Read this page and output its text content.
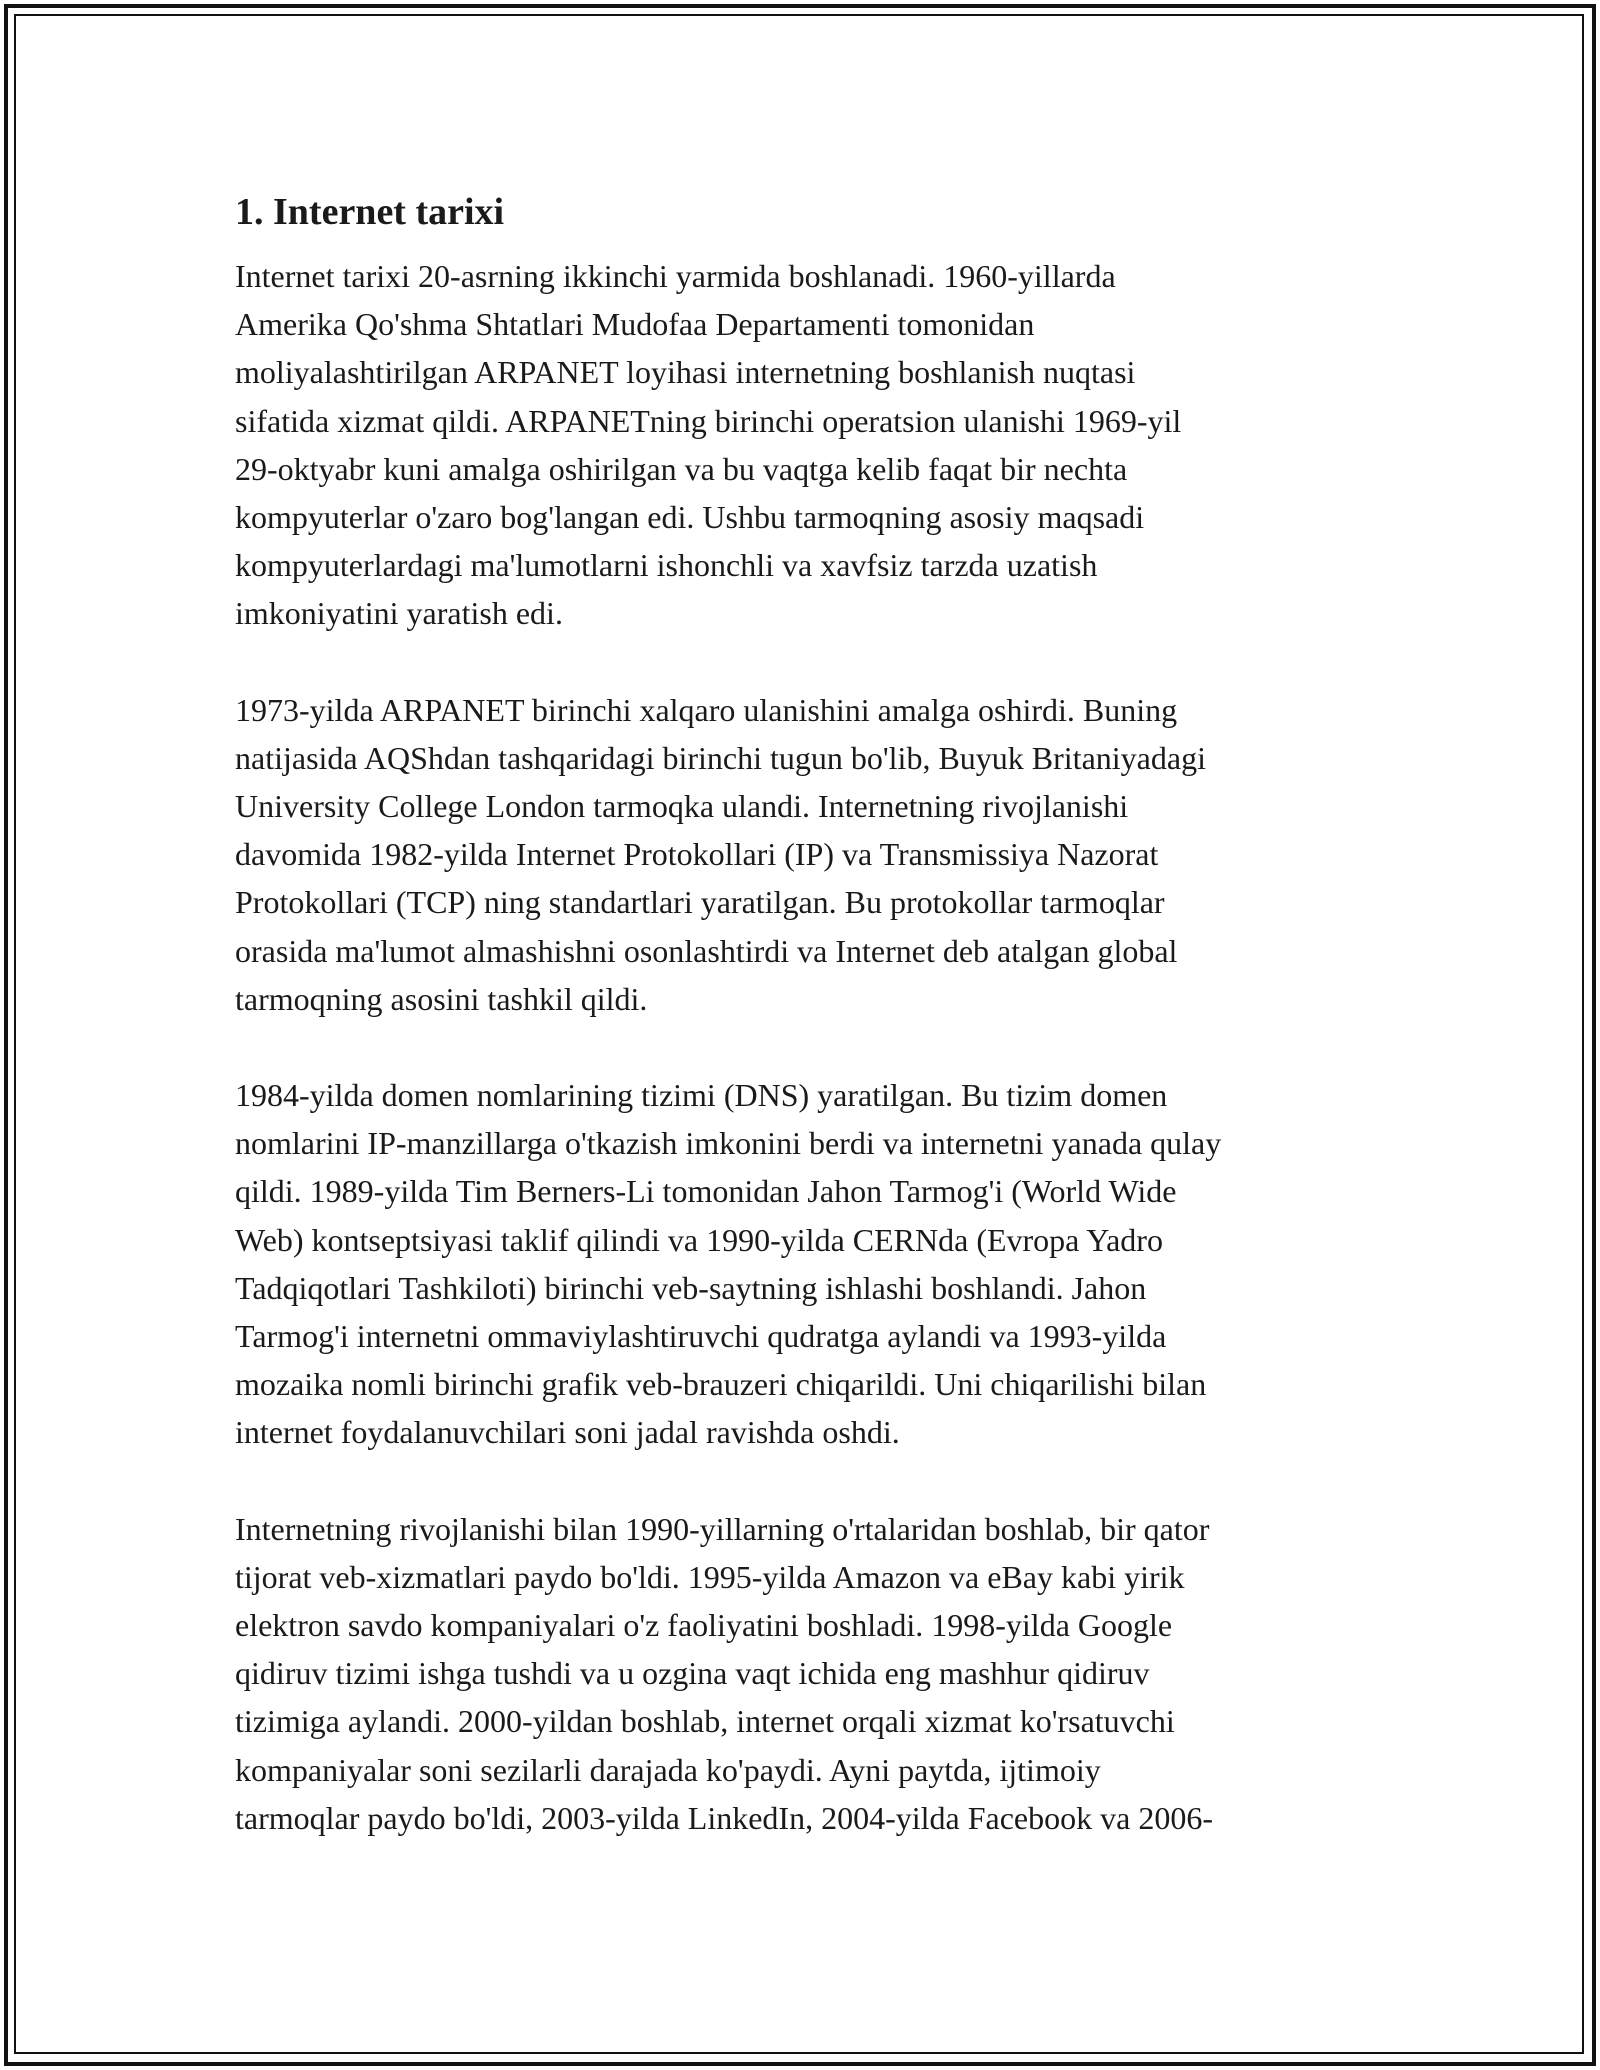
1. Internet tarixi

Internet tarixi 20-asrning ikkinchi yarmida boshlanadi. 1960-yillarda
Amerika Qo'shma Shtatlari Mudofaa Departamenti tomonidan
moliyalashtirilgan ARPANET loyihasi internetning boshlanish nuqtasi
sifatida xizmat qildi. ARPANETning birinchi operatsion ulanishi 1969-yil
29-oktyabr kuni amalga oshirilgan va bu vaqtga kelib faqat bir nechta
kompyuterlar o'zaro bog'langan edi. Ushbu tarmoqning asosiy maqsadi
kompyuterlardagi ma'lumotlarni ishonchli va xavfsiz tarzda uzatish
imkoniyatini yaratish edi.

1973-yilda ARPANET birinchi xalqaro ulanishini amalga oshirdi. Buning
natijasida AQShdan tashqaridagi birinchi tugun bo'lib, Buyuk Britaniyadagi
University College London tarmoqka ulandi. Internetning rivojlanishi
davomida 1982-yilda Internet Protokollari (IP) va Transmissiya Nazorat
Protokollari (TCP) ning standartlari yaratilgan. Bu protokollar tarmoqlar
orasida ma'lumot almashishni osonlashtirdi va Internet deb atalgan global
tarmoqning asosini tashkil qildi.

1984-yilda domen nomlarining tizimi (DNS) yaratilgan. Bu tizim domen
nomlarini IP-manzillarga o'tkazish imkonini berdi va internetni yanada qulay
qildi. 1989-yilda Tim Berners-Li tomonidan Jahon Tarmog'i (World Wide
Web) kontseptsiyasi taklif qilindi va 1990-yilda CERNda (Evropa Yadro
Tadqiqotlari Tashkiloti) birinchi veb-saytning ishlashi boshlandi. Jahon
Tarmog'i internetni ommaviylashtiruvchi qudratga aylandi va 1993-yilda
mozaika nomli birinchi grafik veb-brauzeri chiqarildi. Uni chiqarilishi bilan
internet foydalanuvchilari soni jadal ravishda oshdi.

Internetning rivojlanishi bilan 1990-yillarning o'rtalaridan boshlab, bir qator
tijorat veb-xizmatlari paydo bo'ldi. 1995-yilda Amazon va eBay kabi yirik
elektron savdo kompaniyalari o'z faoliyatini boshladi. 1998-yilda Google
qidiruv tizimi ishga tushdi va u ozgina vaqt ichida eng mashhur qidiruv
tizimiga aylandi. 2000-yildan boshlab, internet orqali xizmat ko'rsatuvchi
kompaniyalar soni sezilarli darajada ko'paydi. Ayni paytda, ijtimoiy
tarmoqlar paydo bo'ldi, 2003-yilda LinkedIn, 2004-yilda Facebook va 2006-
